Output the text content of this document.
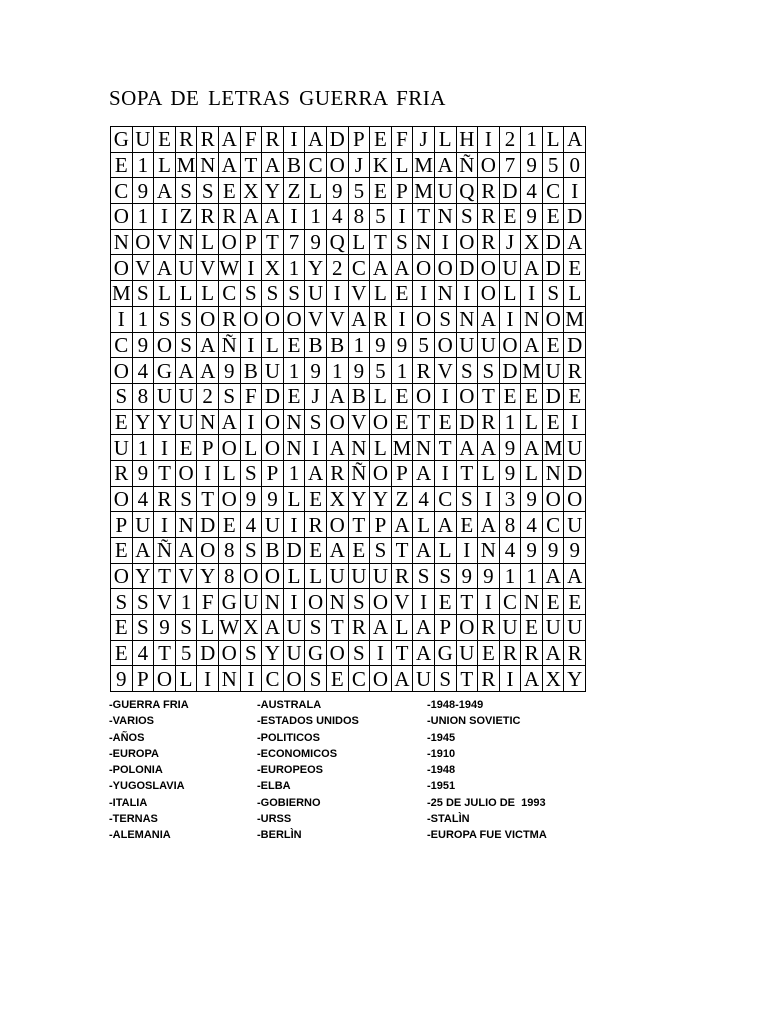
SOPA DE LETRAS GUERRA FRIA
G	U	E	R	R	A	F	R	I	A	D	P	E	F	J	L	H	I	2	1	L	A
E	1	L	M	N	A	T	A	B	C	O	J	K	L	M	A	Ñ	O	7	9	5	0
C	9	A	S	S	E	X	Y	Z	L	9	5	E	P	M	U	Q	R	D	4	C	I
O	1	I	Z	R	R	A	A	I	1	4	8	5	I	T	N	S	R	E	9	E	D
N	O	V	N	L	O	P	T	7	9	Q	L	T	S	N	I	O	R	J	X	D	A
O	V	A	U	V	W	I	X	1	Y	2	C	A	A	O	O	D	O	U	A	D	E
M	S	L	L	L	C	S	S	S	U	I	V	L	E	I	N	I	O	L	I	S	L
I	1	S	S	O	R	O	O	O	V	V	A	R	I	O	S	N	A	I	N	O	M
C	9	O	S	A	Ñ	I	L	E	B	B	1	9	9	5	O	U	U	O	A	E	D
O	4	G	A	A	9	B	U	1	9	1	9	5	1	R	V	S	S	D	M	U	R
S	8	U	U	2	S	F	D	E	J	A	B	L	E	O	I	O	T	E	E	D	E
E	Y	Y	U	N	A	I	O	N	S	O	V	O	E	T	E	D	R	1	L	E	I
U	1	I	E	P	O	L	O	N	I	A	N	L	M	N	T	A	A	9	A	M	U
R	9	T	O	I	L	S	P	1	A	R	Ñ	O	P	A	I	T	L	9	L	N	D
O	4	R	S	T	O	9	9	L	E	X	Y	Y	Z	4	C	S	I	3	9	O	O
P	U	I	N	D	E	4	U	I	R	O	T	P	A	L	A	E	A	8	4	C	U
E	A	Ñ	A	O	8	S	B	D	E	A	E	S	T	A	L	I	N	4	9	9	9
O	Y	T	V	Y	8	O	O	L	L	U	U	U	R	S	S	9	9	1	1	A	A
S	S	V	1	F	G	U	N	I	O	N	S	O	V	I	E	T	I	C	N	E	E
E	S	9	S	L	W	X	A	U	S	T	R	A	L	A	P	O	R	U	E	U	U
E	4	T	5	D	O	S	Y	U	G	O	S	I	T	A	G	U	E	R	R	A	R
9	P	O	L	I	N	I	C	O	S	E	C	O	A	U	S	T	R	I	A	X	Y
-GUERRA FRIA
-VARIOS
-AÑOS
-EUROPA
-POLONIA
-YUGOSLAVIA
-ITALIA
-TERNAS
-ALEMANIA
-AUSTRALA
-ESTADOS UNIDOS
-POLITICOS
-ECONOMICOS
-EUROPEOS
-ELBA
-GOBIERNO
-URSS
-BERLÌN
-1948-1949
-UNION SOVIETIC
-1945
-1910
-1948
-1951
-25 DE JULIO DE  1993
-STALÌN
-EUROPA FUE VICTMA
